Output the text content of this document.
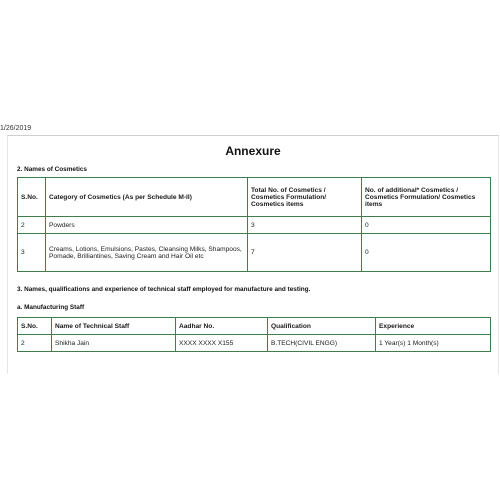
1/26/2019
Annexure
2. Names of Cosmetics
S.No.	Category of Cosmetics (As per Schedule M-II)	Total No. of Cosmetics / Cosmetics Formulation/ Cosmetics items	No. of additional* Cosmetics / Cosmetics Formulation/ Cosmetics items
2	Powders	3	0
3	Creams, Lotions, Emulsions, Pastes, Cleansing Milks, Shampoos, Pomade, Brilliantines, Saving Cream and Hair Oil etc	7	0
3. Names, qualifications and experience of technical staff employed for manufacture and testing.
a. Manufacturing Staff
S.No.	Name of Technical Staff	Aadhar No.	Qualification	Experience
2	Shikha Jain	XXXX XXXX X155	B.TECH(CIVIL ENGG)	1 Year(s) 1 Month(s)
